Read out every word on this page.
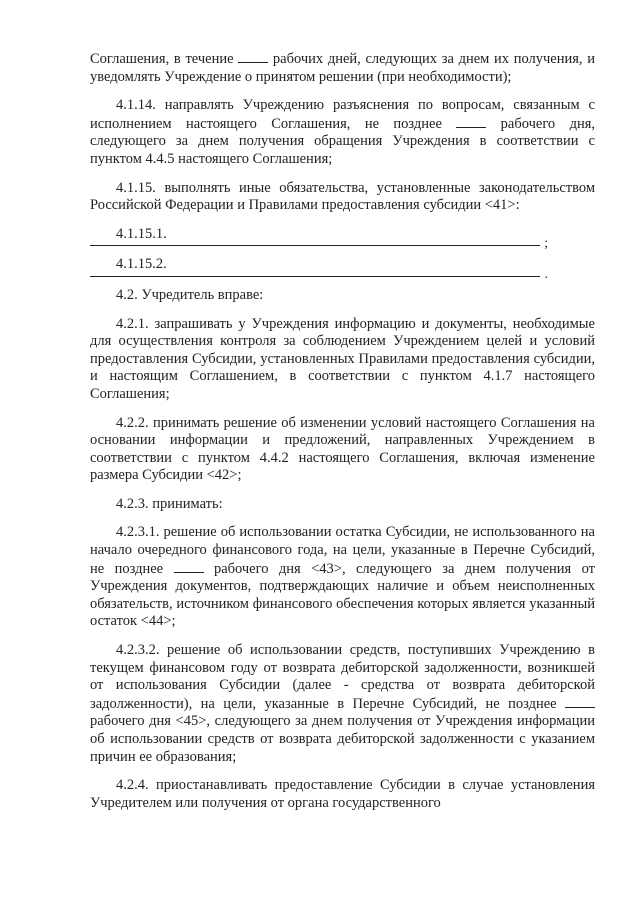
Соглашения, в течение	рабочих дней, следующих за днем их получения, и уведомлять Учреждение о принятом решении (при необходимости);

4.1.14. направлять Учреждению разъяснения по вопросам, связанным с исполнением настоящего Соглашения, не позднее	рабочего дня, следующего за днем получения обращения Учреждения в соответствии с пунктом 4.4.5 настоящего Соглашения;

4.1.15. выполнять иные обязательства, установленные законодательством Российской Федерации и Правилами предоставления субсидии <41>:

4.1.15.1.

;

4.1.15.2.

.

4.2. Учредитель вправе:

4.2.1. запрашивать у Учреждения информацию и документы, необходимые для осуществления контроля за соблюдением Учреждением целей и условий предоставления Субсидии, установленных Правилами предоставления субсидии, и настоящим Соглашением, в соответствии с пунктом 4.1.7 настоящего Соглашения;

4.2.2. принимать решение об изменении условий настоящего Соглашения на основании информации и предложений, направленных Учреждением в соответствии с пунктом 4.4.2 настоящего Соглашения, включая изменение размера Субсидии <42>;

4.2.3. принимать:

4.2.3.1. решение об использовании остатка Субсидии, не использованного на начало очередного финансового года, на цели, указанные в Перечне Субсидий, не позднее	рабочего дня <43>, следующего за днем получения от Учреждения документов, подтверждающих наличие и объем неисполненных обязательств, источником финансового обеспечения которых является указанный остаток <44>;

4.2.3.2. решение об использовании средств, поступивших Учреждению в текущем финансовом году от возврата дебиторской задолженности, возникшей от использования Субсидии (далее - средства от возврата дебиторской задолженности), на цели, указанные в Перечне Субсидий, не позднее  рабочего дня <45>, следующего за днем получения от Учреждения информации об использовании средств от возврата дебиторской задолженности с указанием причин ее образования;

4.2.4. приостанавливать предоставление Субсидии в случае установления Учредителем или получения от органа государственного
